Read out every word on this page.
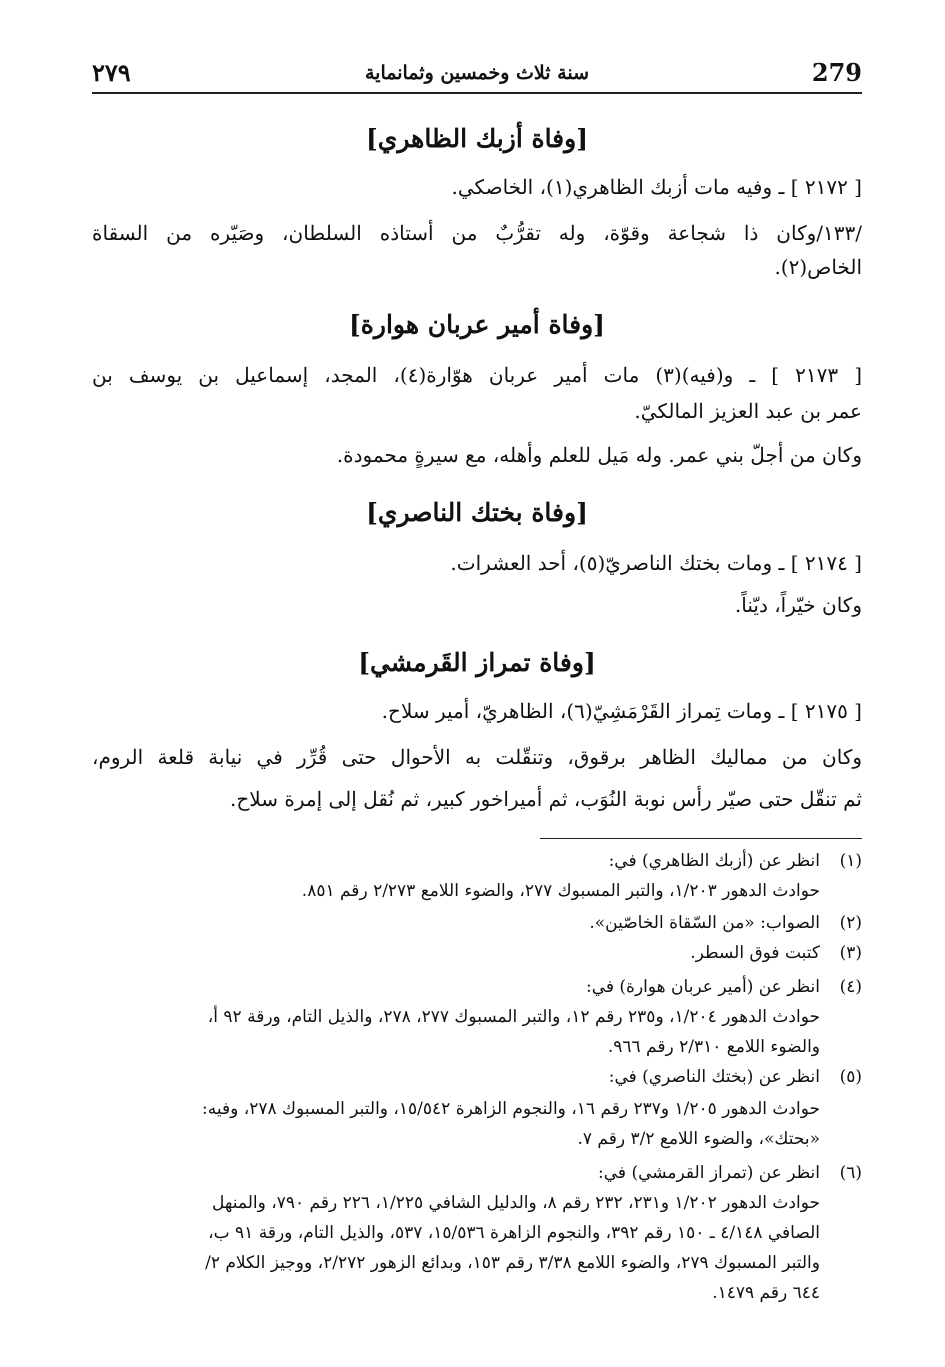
279
سنة ثلاث وخمسين وثمانماية
٢٧٩
[وفاة أزبك الظاهري]
[ ٢١٧٢ ] ـ وفيه مات أزبك الظاهري(١)، الخاصكي.
/١٣٣/وكان ذا شجاعة وقوّة، وله تقرُّبٌ من أستاذه السلطان، وصَيّره من السقاة
الخاص(٢).
[وفاة أمير عربان هوارة]
[ ٢١٧٣ ] ـ و(فيه)(٣) مات أمير عربان هوّارة(٤)، المجد، إسماعيل بن يوسف بن
عمر بن عبد العزيز المالكيّ.
وكان من أجلّ بني عمر. وله مَيل للعلم وأهله، مع سيرةٍ محمودة.
[وفاة بختك الناصري]
[ ٢١٧٤ ] ـ ومات بختك الناصريّ(٥)، أحد العشرات.
وكان خيّراً، ديّناً.
[وفاة تمراز القَرمشي]
[ ٢١٧٥ ] ـ ومات تِمراز القَرْمَشِيّ(٦)، الظاهريّ، أمير سلاح.
وكان من مماليك الظاهر برقوق، وتنقّلت به الأحوال حتى قُرِّر في نيابة قلعة الروم،
ثم تنقّل حتى صيّر رأس نوبة النُوَب، ثم أميراخور كبير، ثم نُقل إلى إمرة سلاح.
(١)انظر عن (أزبك الظاهري) في:
حوادث الدهور ١/٢٠٣، والتبر المسبوك ٢٧٧، والضوء اللامع ٢/٢٧٣ رقم ٨٥١.
(٢)الصواب: «من السّقاة الخاصّين».
(٣)كتبت فوق السطر.
(٤)انظر عن (أمير عربان هوارة) في:
حوادث الدهور ١/٢٠٤، و٢٣٥ رقم ١٢، والتبر المسبوك ٢٧٧، ٢٧٨، والذيل التام، ورقة ٩٢ أ،
والضوء اللامع ٢/٣١٠ رقم ٩٦٦.
(٥)انظر عن (بختك الناصري) في:
حوادث الدهور ١/٢٠٥ و٢٣٧ رقم ١٦، والنجوم الزاهرة ١٥/٥٤٢، والتبر المسبوك ٢٧٨، وفيه:
«بحتك»، والضوء اللامع ٣/٢ رقم ٧.
(٦)انظر عن (تمراز القرمشي) في:
حوادث الدهور ١/٢٠٢ و٢٣١، ٢٣٢ رقم ٨، والدليل الشافي ١/٢٢٥، ٢٢٦ رقم ٧٩٠، والمنهل
الصافي ٤/١٤٨ ـ ١٥٠ رقم ٣٩٢، والنجوم الزاهرة ١٥/٥٣٦، ٥٣٧، والذيل التام، ورقة ٩١ ب،
والتبر المسبوك ٢٧٩، والضوء اللامع ٣/٣٨ رقم ١٥٣، وبدائع الزهور ٢/٢٧٢، ووجيز الكلام ٢/
٦٤٤ رقم ١٤٧٩.
